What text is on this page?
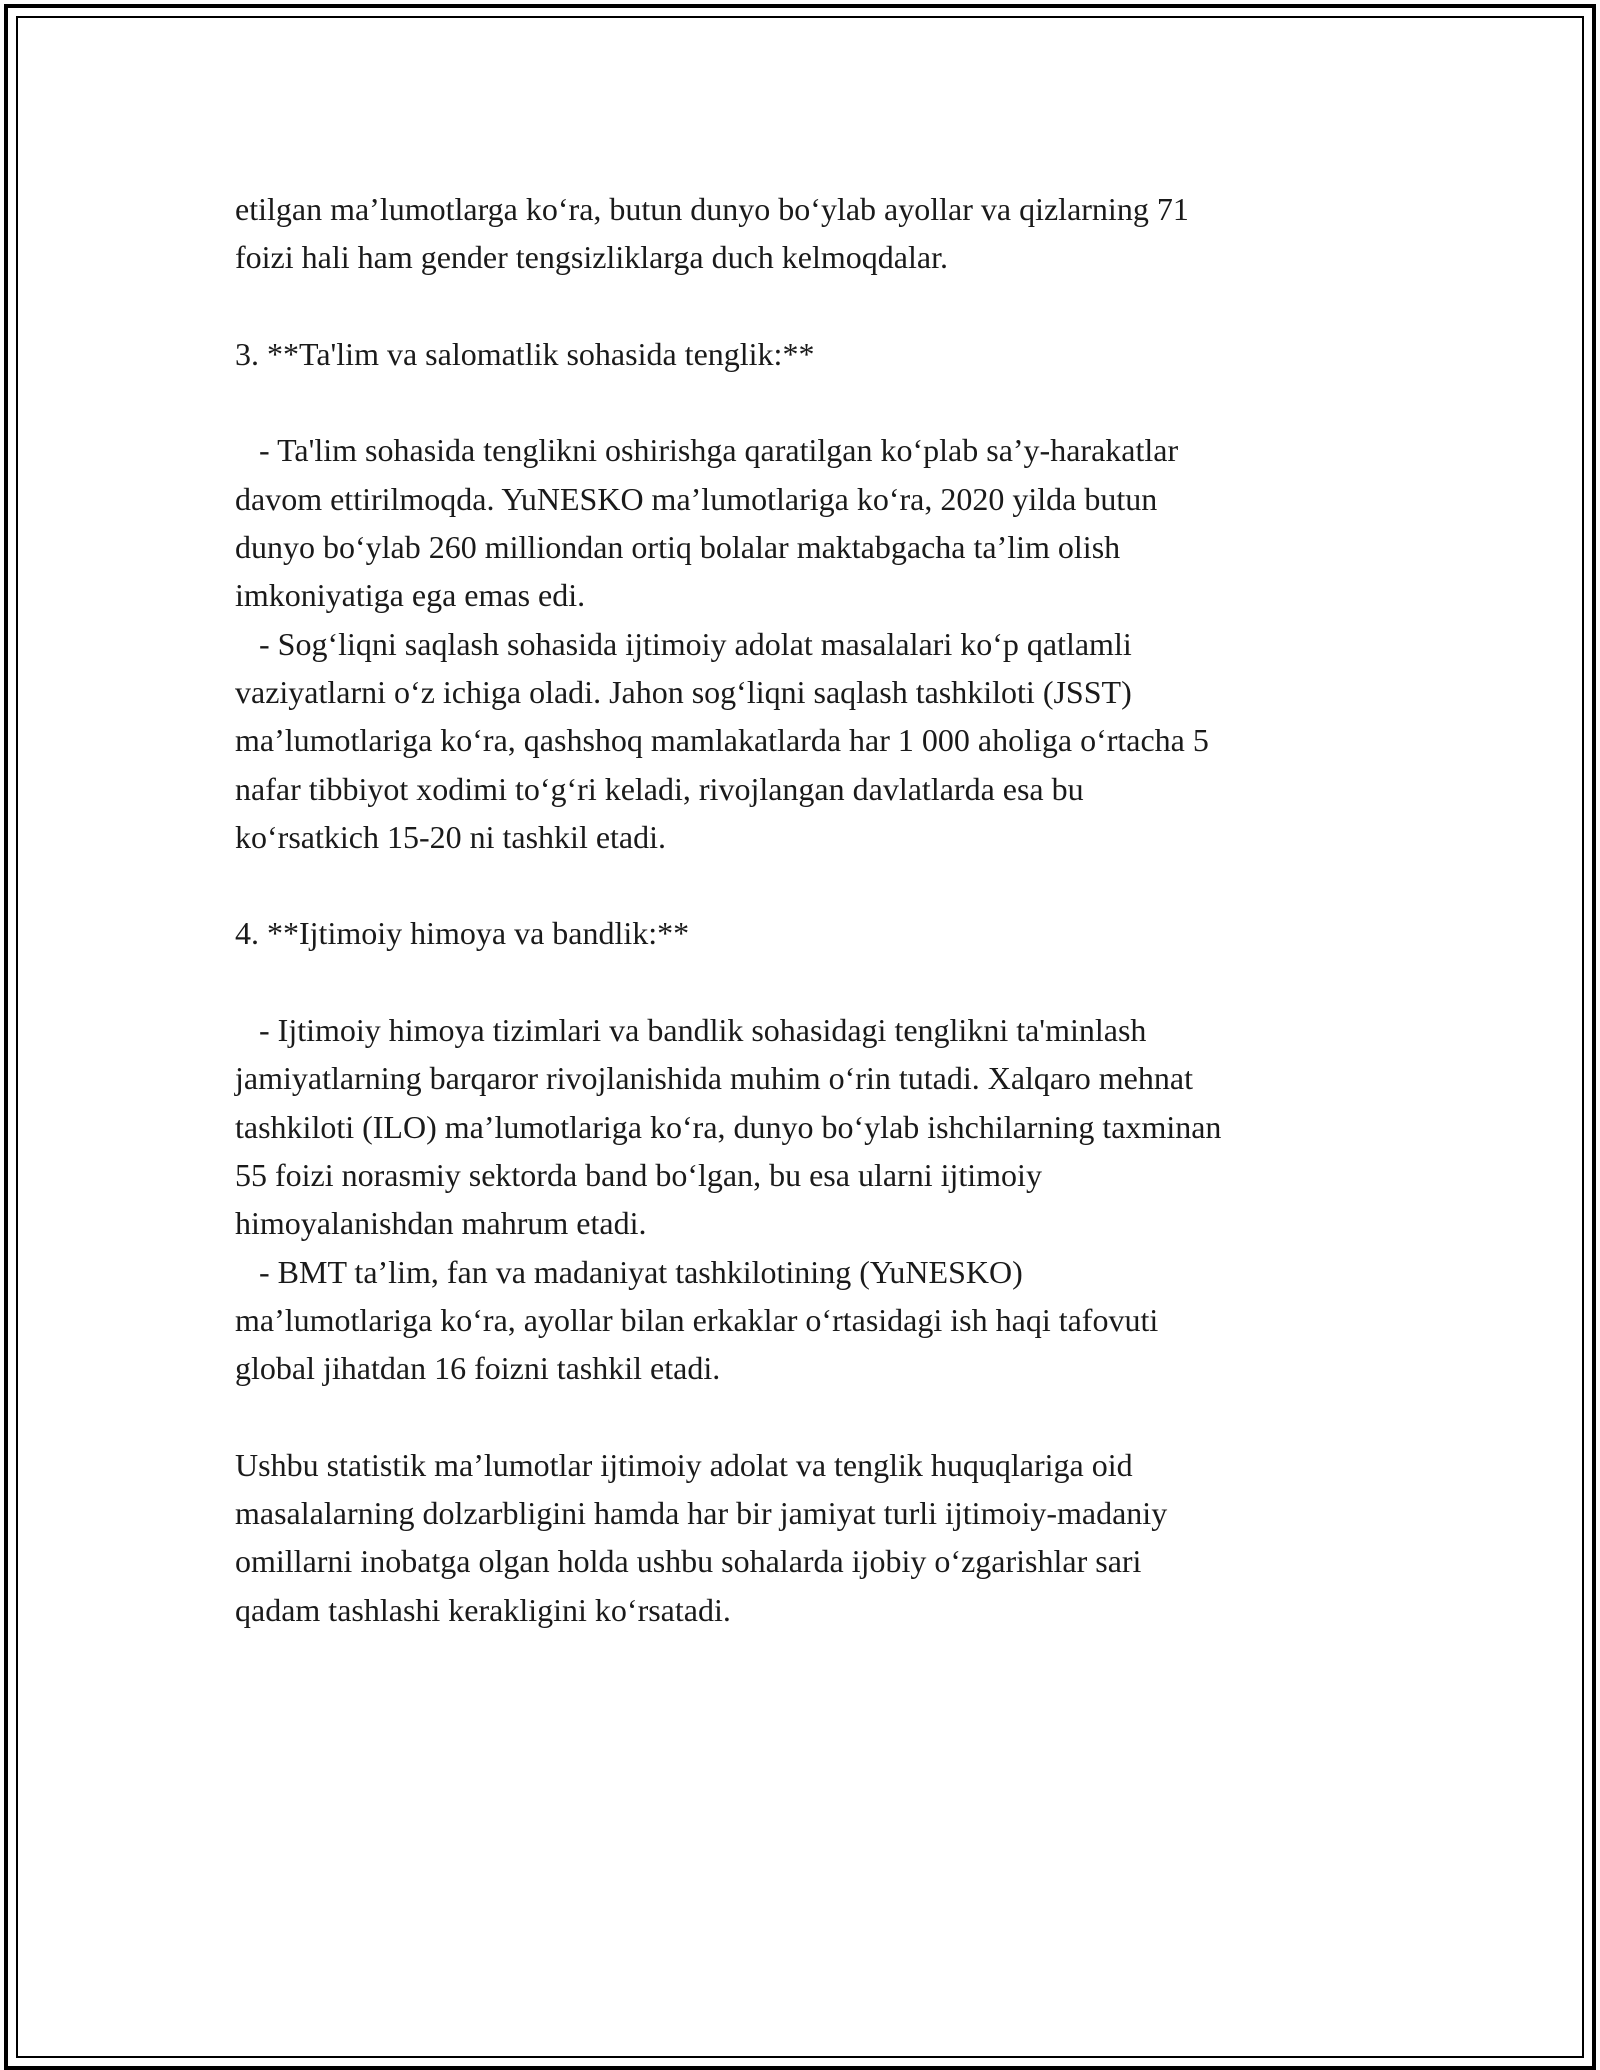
etilgan ma’lumotlarga ko‘ra, butun dunyo bo‘ylab ayollar va qizlarning 71

foizi hali ham gender tengsizliklarga duch kelmoqdalar.

3. **Ta'lim va salomatlik sohasida tenglik:**

- Ta'lim sohasida tenglikni oshirishga qaratilgan ko‘plab sa’y-harakatlar

davom ettirilmoqda. YuNESKO ma’lumotlariga ko‘ra, 2020 yilda butun

dunyo bo‘ylab 260 milliondan ortiq bolalar maktabgacha ta’lim olish

imkoniyatiga ega emas edi.

- Sog‘liqni saqlash sohasida ijtimoiy adolat masalalari ko‘p qatlamli

vaziyatlarni o‘z ichiga oladi. Jahon sog‘liqni saqlash tashkiloti (JSST)

ma’lumotlariga ko‘ra, qashshoq mamlakatlarda har 1 000 aholiga o‘rtacha 5

nafar tibbiyot xodimi to‘g‘ri keladi, rivojlangan davlatlarda esa bu

ko‘rsatkich 15-20 ni tashkil etadi.

4. **Ijtimoiy himoya va bandlik:**

- Ijtimoiy himoya tizimlari va bandlik sohasidagi tenglikni ta'minlash

jamiyatlarning barqaror rivojlanishida muhim o‘rin tutadi. Xalqaro mehnat

tashkiloti (ILO) ma’lumotlariga ko‘ra, dunyo bo‘ylab ishchilarning taxminan

55 foizi norasmiy sektorda band bo‘lgan, bu esa ularni ijtimoiy

himoyalanishdan mahrum etadi.

- BMT ta’lim, fan va madaniyat tashkilotining (YuNESKO)

ma’lumotlariga ko‘ra, ayollar bilan erkaklar o‘rtasidagi ish haqi tafovuti

global jihatdan 16 foizni tashkil etadi.

Ushbu statistik ma’lumotlar ijtimoiy adolat va tenglik huquqlariga oid

masalalarning dolzarbligini hamda har bir jamiyat turli ijtimoiy-madaniy

omillarni inobatga olgan holda ushbu sohalarda ijobiy o‘zgarishlar sari

qadam tashlashi kerakligini ko‘rsatadi.
